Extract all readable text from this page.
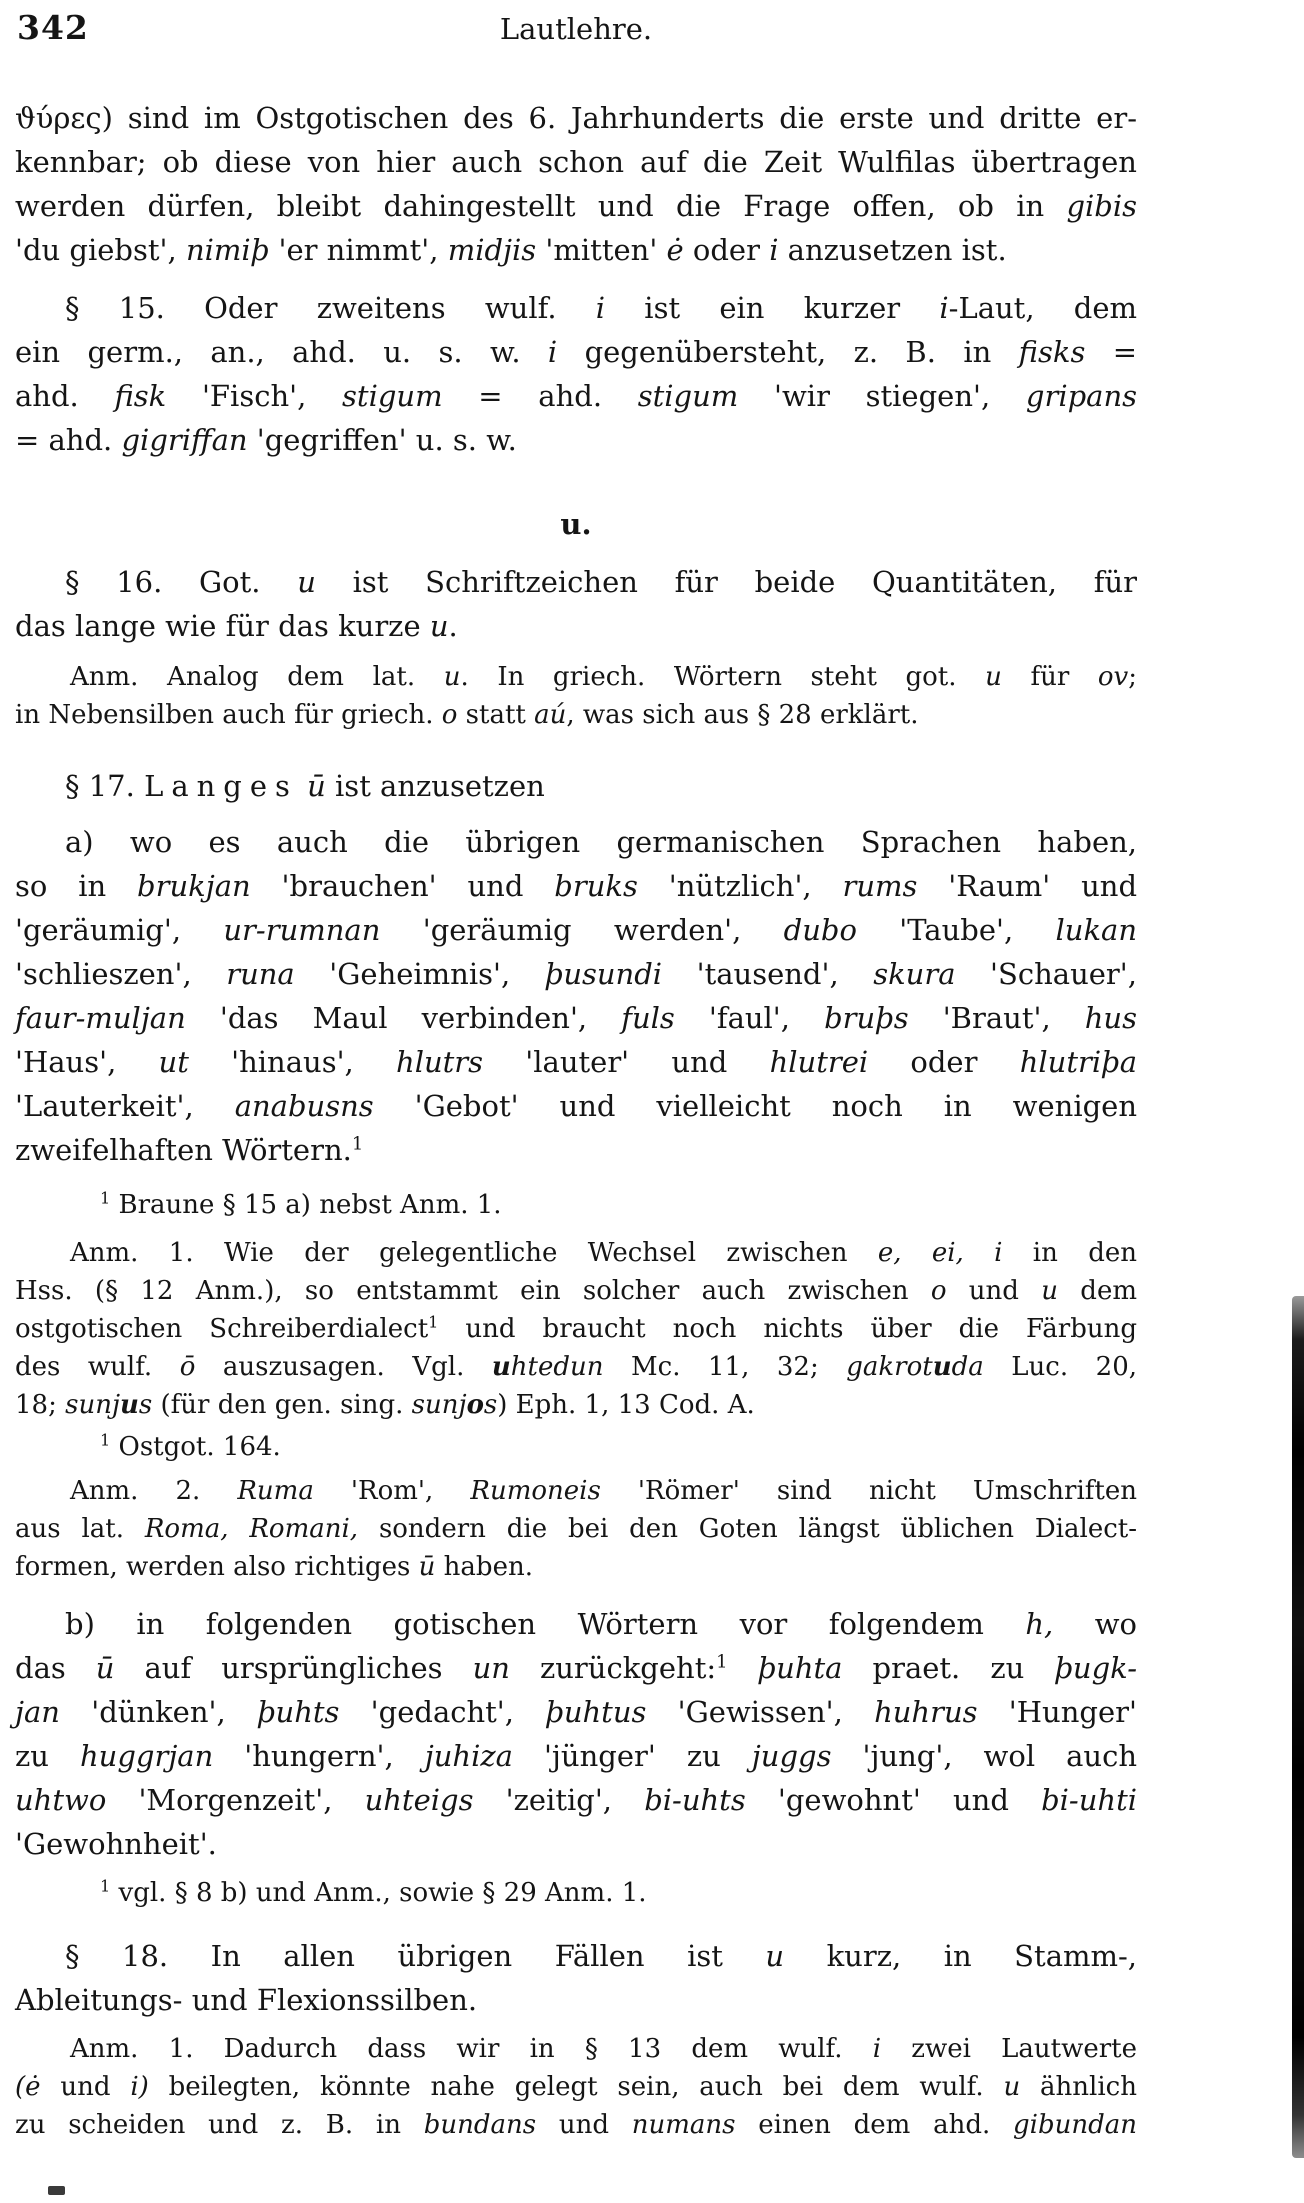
342	Lautlehre.
ϑύρες) sind im Ostgotischen des 6. Jahrhunderts die erste und dritte er-
kennbar; ob diese von hier auch schon auf die Zeit Wulfilas übertragen
werden dürfen, bleibt dahingestellt und die Frage offen, ob in gibis
'du giebst', nimiþ 'er nimmt', midjis 'mitten' ė oder i anzusetzen ist.
§ 15. Oder zweitens wulf. i ist ein kurzer i-Laut, dem
ein germ., an., ahd. u. s. w. i gegenübersteht, z. B. in fisks =
ahd. fisk 'Fisch', stigum = ahd. stigum 'wir stiegen', gripans
= ahd. gigriffan 'gegriffen' u. s. w.
u.
§ 16. Got. u ist Schriftzeichen für beide Quantitäten, für
das lange wie für das kurze u.
Anm. Analog dem lat. u. In griech. Wörtern steht got. u für ov;
in Nebensilben auch für griech. o statt aú, was sich aus § 28 erklärt.
§ 17. Langes ū ist anzusetzen
a) wo es auch die übrigen germanischen Sprachen haben,
so in brukjan 'brauchen' und bruks 'nützlich', rums 'Raum' und
'geräumig', ur-rumnan 'geräumig werden', dubo 'Taube', lukan
'schlieszen', runa 'Geheimnis', þusundi 'tausend', skura 'Schauer',
faur-muljan 'das Maul verbinden', fuls 'faul', bruþs 'Braut', hus
'Haus', ut 'hinaus', hlutrs 'lauter' und hlutrei oder hlutriþa
'Lauterkeit', anabusns 'Gebot' und vielleicht noch in wenigen
zweifelhaften Wörtern.$^1$
$^1$ Braune § 15 a) nebst Anm. 1.
Anm. 1. Wie der gelegentliche Wechsel zwischen e, ei, i in den
Hss. (§ 12 Anm.), so entstammt ein solcher auch zwischen o und u dem
ostgotischen Schreiberdialect$^1$ und braucht noch nichts über die Färbung
des wulf. ō auszusagen. Vgl. uhtedun Mc. 11, 32; gakrotuda Luc. 20,
18; sunjus (für den gen. sing. sunjos) Eph. 1, 13 Cod. A.
$^1$ Ostgot. 164.
Anm. 2. Ruma 'Rom', Rumoneis 'Römer' sind nicht Umschriften
aus lat. Roma, Romani, sondern die bei den Goten längst üblichen Dialect-
formen, werden also richtiges ū haben.
b) in folgenden gotischen Wörtern vor folgendem h, wo
das ū auf ursprüngliches un zurückgeht:$^1$ þuhta praet. zu þugk-
jan 'dünken', þuhts 'gedacht', þuhtus 'Gewissen', huhrus 'Hunger'
zu huggrjan 'hungern', juhiza 'jünger' zu juggs 'jung', wol auch
uhtwo 'Morgenzeit', uhteigs 'zeitig', bi-uhts 'gewohnt' und bi-uhti
'Gewohnheit'.
$^1$ vgl. § 8 b) und Anm., sowie § 29 Anm. 1.
§ 18. In allen übrigen Fällen ist u kurz, in Stamm-,
Ableitungs- und Flexionssilben.
Anm. 1. Dadurch dass wir in § 13 dem wulf. i zwei Lautwerte
(ė und i) beilegten, könnte nahe gelegt sein, auch bei dem wulf. u ähnlich
zu scheiden und z. B. in bundans und numans einen dem ahd. gibundan
